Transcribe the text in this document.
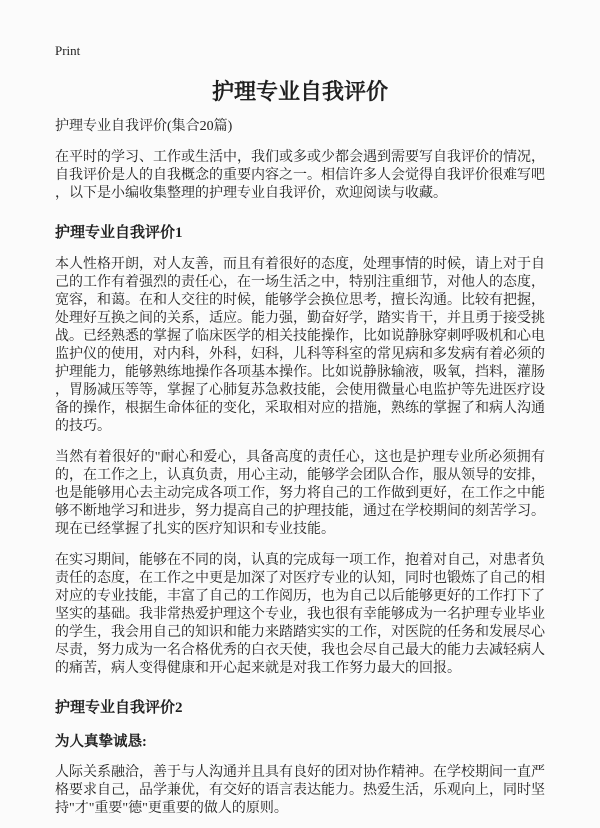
Print
护理专业自我评价
护理专业自我评价(集合20篇)

在平时的学习、工作或生活中，我们或多或少都会遇到需要写自我评价的情况，自我评价是人的自我概念的重要内容之一。相信许多人会觉得自我评价很难写吧，以下是小编收集整理的护理专业自我评价，欢迎阅读与收藏。

护理专业自我评价1

本人性格开朗，对人友善，而且有着很好的态度，处理事情的时候，请上对于自己的工作有着强烈的责任心，在一场生活之中，特别注重细节，对他人的态度，宽容，和蔼。在和人交往的时候，能够学会换位思考，擅长沟通。比较有把握，处理好互换之间的关系，适应。能力强，勤奋好学，踏实肯干，并且勇于接受挑战。已经熟悉的掌握了临床医学的相关技能操作，比如说静脉穿刺呼吸机和心电监护仪的使用，对内科，外科，妇科，儿科等科室的常见病和多发病有着必须的护理能力，能够熟练地操作各项基本操作。比如说静脉输液，吸氧，挡料，灌肠，胃肠减压等等，掌握了心肺复苏急救技能，会使用微量心电监护等先进医疗设备的操作，根据生命体征的变化，采取相对应的措施，熟练的掌握了和病人沟通的技巧。

当然有着很好的"耐心和爱心，具备高度的责任心，这也是护理专业所必须拥有的，在工作之上，认真负责，用心主动，能够学会团队合作，服从领导的安排，也是能够用心去主动完成各项工作，努力将自己的工作做到更好，在工作之中能够不断地学习和进步，努力提高自己的护理技能，通过在学校期间的刻苦学习。现在已经掌握了扎实的医疗知识和专业技能。

在实习期间，能够在不同的岗，认真的完成每一项工作，抱着对自己，对患者负责任的态度，在工作之中更是加深了对医疗专业的认知，同时也锻炼了自己的相对应的专业技能，丰富了自己的工作阅历，也为自己以后能够更好的工作打下了坚实的基础。我非常热爱护理这个专业，我也很有幸能够成为一名护理专业毕业的学生，我会用自己的知识和能力来踏踏实实的工作，对医院的任务和发展尽心尽责，努力成为一名合格优秀的白衣天使，我也会尽自己最大的能力去减轻病人的痛苦，病人变得健康和开心起来就是对我工作努力最大的回报。

护理专业自我评价2
为人真挚诚恳:

人际关系融洽，善于与人沟通并且具有良好的团对协作精神。在学校期间一直严格要求自己，品学兼优，有交好的语言表达能力。热爱生活，乐观向上，同时坚持"才"重要"德"更重要的做人的原则。
